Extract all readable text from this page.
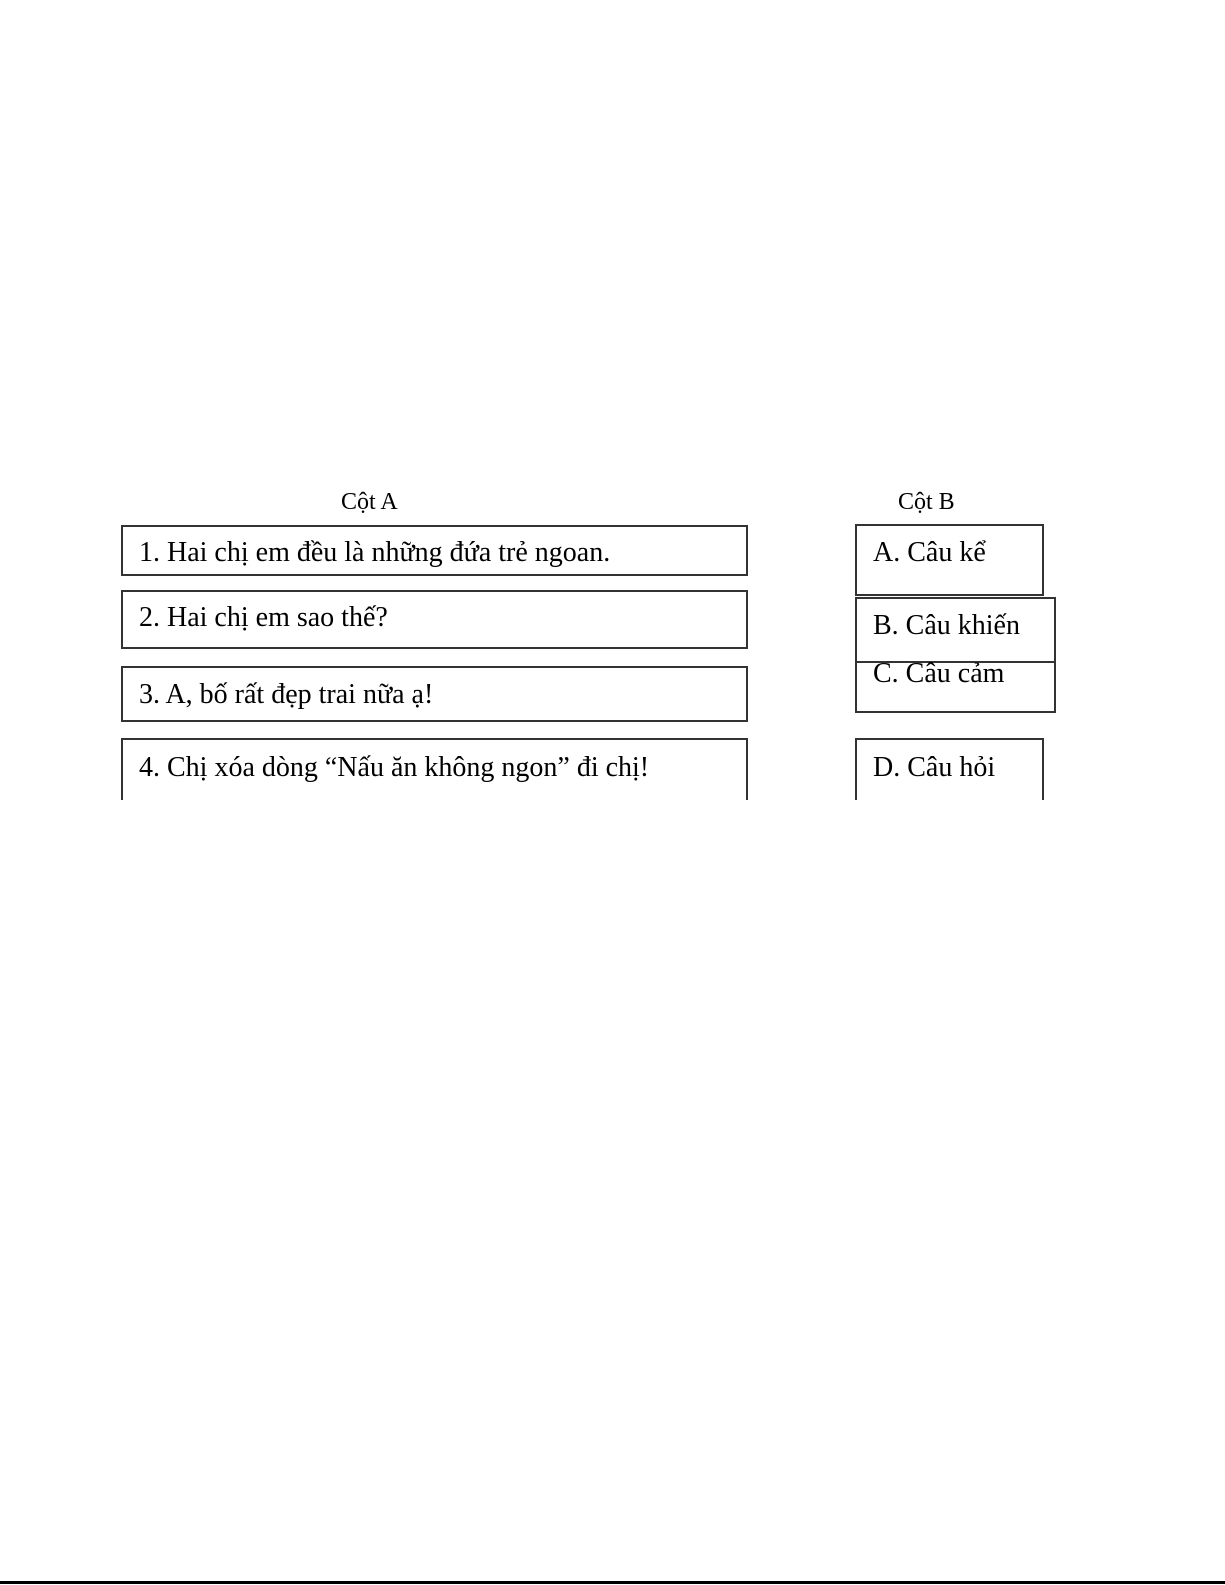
Cột A	Cột B
1. Hai chị em đều là những đứa trẻ ngoan.
2. Hai chị em sao thế?
3. A, bố rất đẹp trai nữa ạ!
4. Chị xóa dòng “Nấu ăn không ngon” đi chị!
A. Câu kể
B. Câu khiến
C. Câu cảm
D. Câu hỏi
